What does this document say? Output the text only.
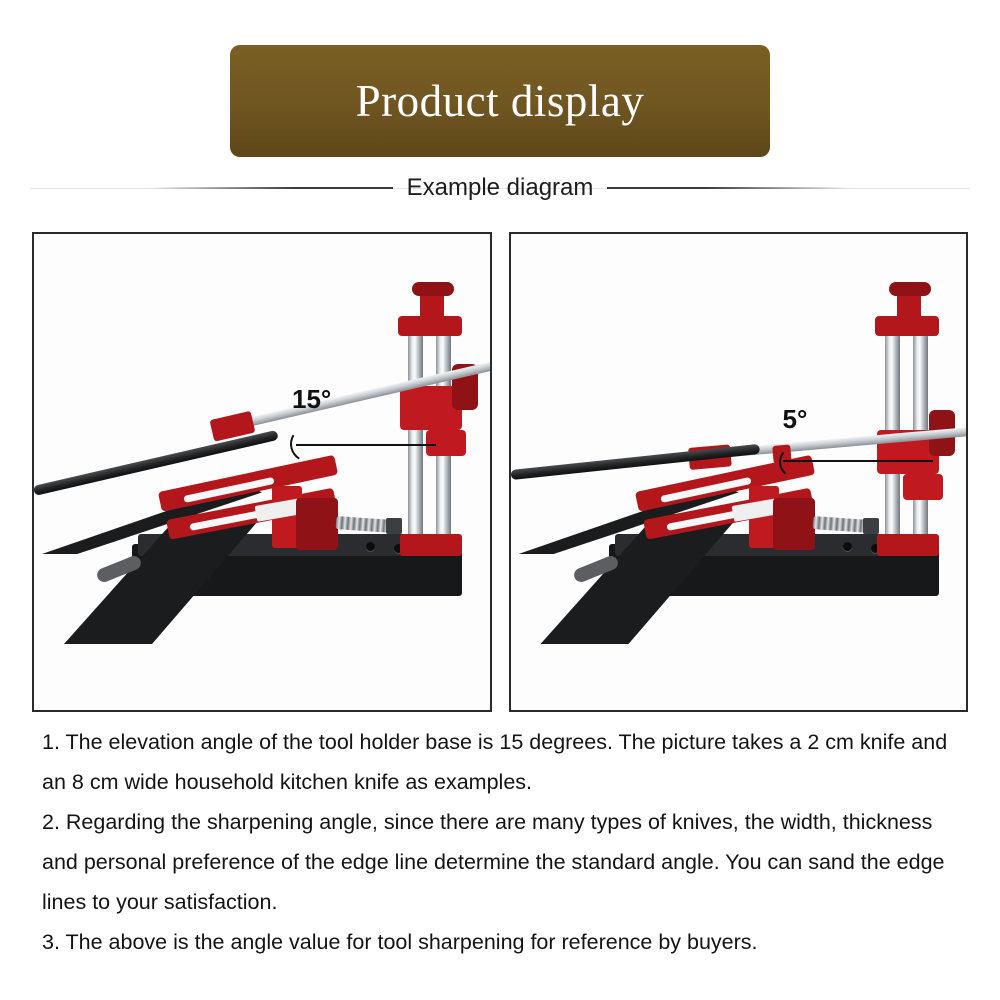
Product display
Example diagram
15°
5°

1. The elevation angle of the tool holder base is 15 degrees. The picture takes a 2 cm knife and an 8 cm wide household kitchen knife as examples.

2. Regarding the sharpening angle, since there are many types of knives, the width, thickness and personal preference of the edge line determine the standard angle. You can sand the edge lines to your satisfaction.

3. The above is the angle value for tool sharpening for reference by buyers.
